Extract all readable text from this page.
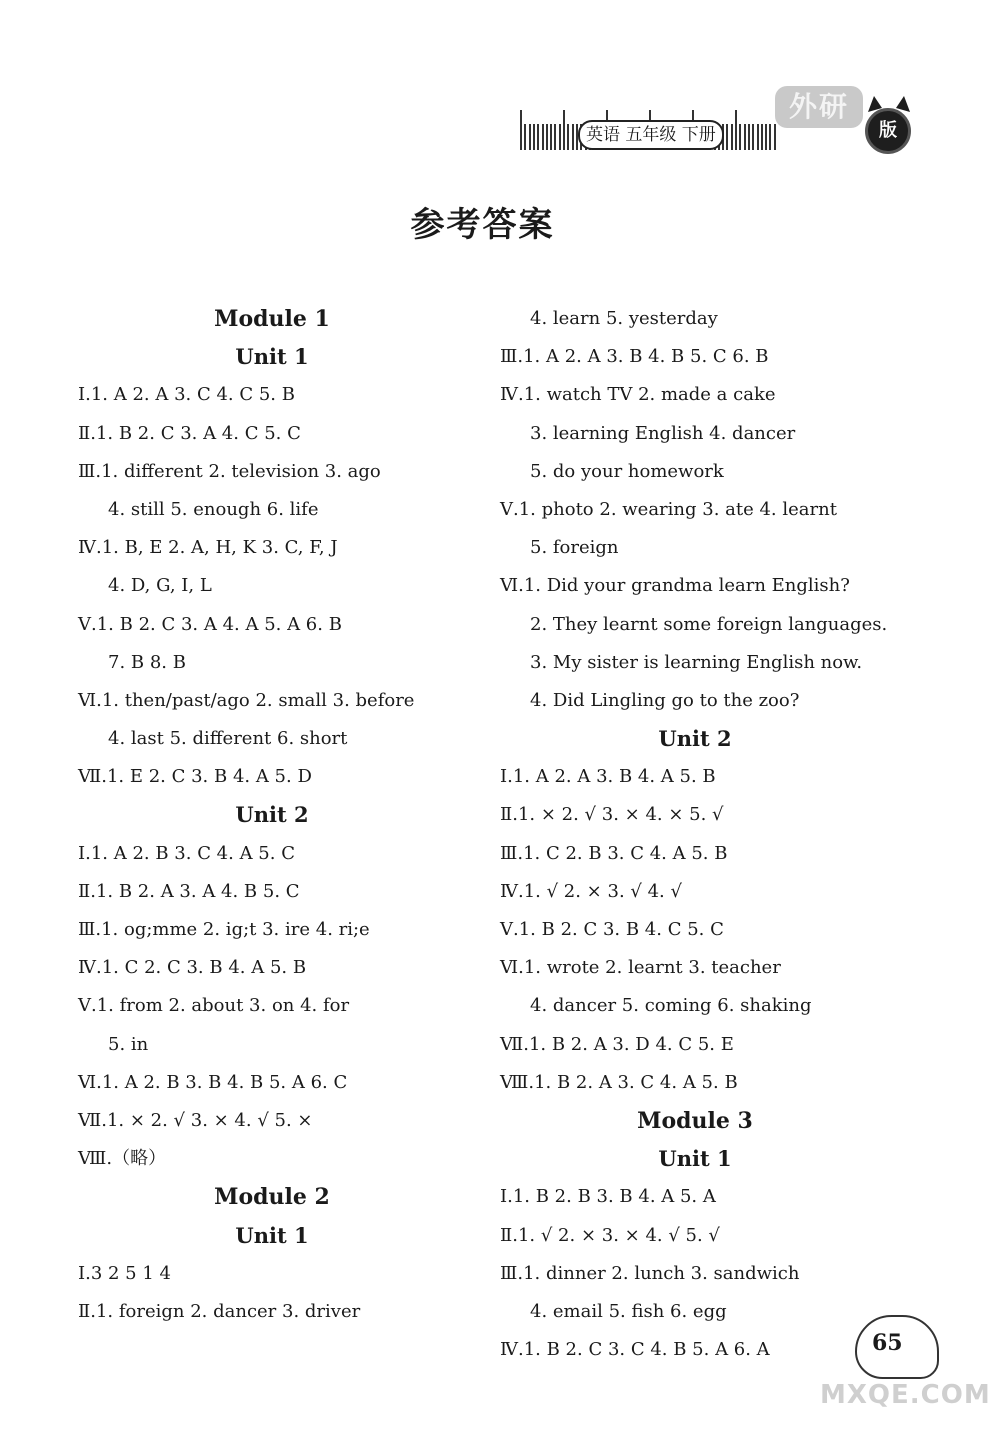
英语 五年级 下册
外研
版
参考答案
Module 1
Unit 1
Ⅰ.1. A 2. A 3. C 4. C 5. B
Ⅱ.1. B 2. C 3. A 4. C 5. C
Ⅲ.1. different 2. television 3. ago
4. still 5. enough 6. life
Ⅳ.1. B, E 2. A, H, K 3. C, F, J
4. D, G, I, L
Ⅴ.1. B 2. C 3. A 4. A 5. A 6. B
7. B 8. B
Ⅵ.1. then/past/ago 2. small 3. before
4. last 5. different 6. short
Ⅶ.1. E 2. C 3. B 4. A 5. D
Unit 2
Ⅰ.1. A 2. B 3. C 4. A 5. C
Ⅱ.1. B 2. A 3. A 4. B 5. C
Ⅲ.1. og;mme 2. ig;t 3. ire 4. ri;e
Ⅳ.1. C 2. C 3. B 4. A 5. B
Ⅴ.1. from 2. about 3. on 4. for
5. in
Ⅵ.1. A 2. B 3. B 4. B 5. A 6. C
Ⅶ.1. × 2. √ 3. × 4. √ 5. ×
Ⅷ.（略）
Module 2
Unit 1
Ⅰ.3 2 5 1 4
Ⅱ.1. foreign 2. dancer 3. driver
4. learn 5. yesterday
Ⅲ.1. A 2. A 3. B 4. B 5. C 6. B
Ⅳ.1. watch TV 2. made a cake
3. learning English 4. dancer
5. do your homework
Ⅴ.1. photo 2. wearing 3. ate 4. learnt
5. foreign
Ⅵ.1. Did your grandma learn English?
2. They learnt some foreign languages.
3. My sister is learning English now.
4. Did Lingling go to the zoo?
Unit 2
Ⅰ.1. A 2. A 3. B 4. A 5. B
Ⅱ.1. × 2. √ 3. × 4. × 5. √
Ⅲ.1. C 2. B 3. C 4. A 5. B
Ⅳ.1. √ 2. × 3. √ 4. √
Ⅴ.1. B 2. C 3. B 4. C 5. C
Ⅵ.1. wrote 2. learnt 3. teacher
4. dancer 5. coming 6. shaking
Ⅶ.1. B 2. A 3. D 4. C 5. E
Ⅷ.1. B 2. A 3. C 4. A 5. B
Module 3
Unit 1
Ⅰ.1. B 2. B 3. B 4. A 5. A
Ⅱ.1. √ 2. × 3. × 4. √ 5. √
Ⅲ.1. dinner 2. lunch 3. sandwich
4. email 5. fish 6. egg
Ⅳ.1. B 2. C 3. C 4. B 5. A 6. A	65
MXQE.COM
